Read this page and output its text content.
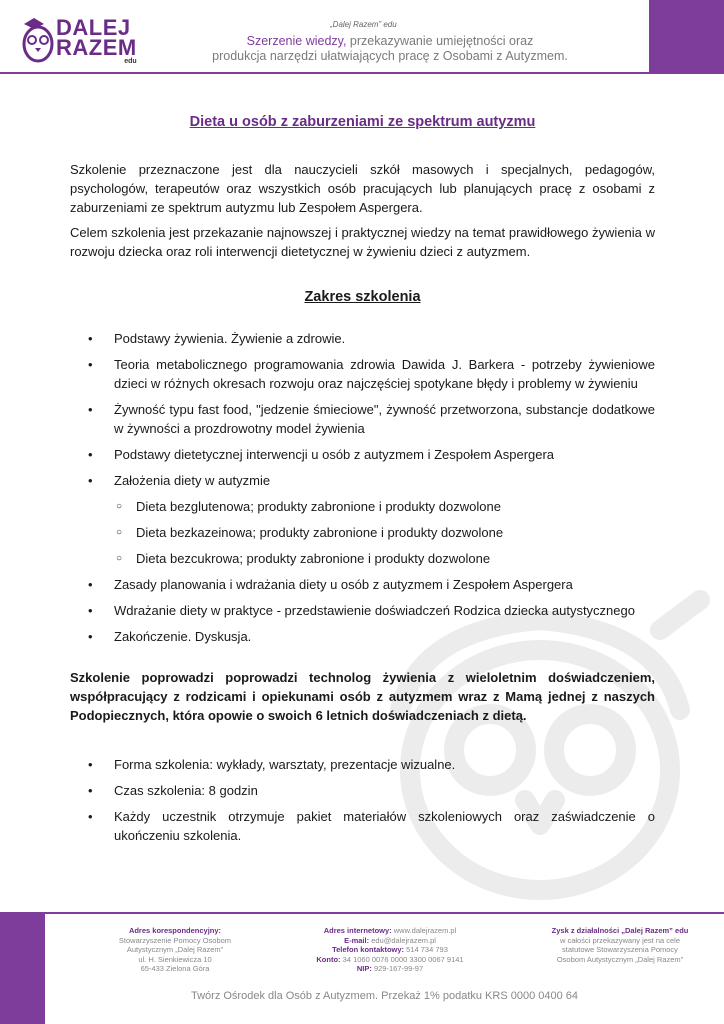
DALEJ
RAZEM
edu
„Dalej Razem” edu
Szerzenie wiedzy, przekazywanie umiejętności oraz
produkcja narzędzi ułatwiających pracę z Osobami z Autyzmem.
Dieta u osób z zaburzeniami ze spektrum autyzmu

Szkolenie przeznaczone jest dla nauczycieli szkół masowych i specjalnych, pedagogów, psychologów, terapeutów oraz wszystkich osób pracujących lub planujących pracę z osobami z zaburzeniami ze spektrum autyzmu lub Zespołem Aspergera.

Celem szkolenia jest przekazanie najnowszej i praktycznej wiedzy na temat prawidłowego żywienia w rozwoju dziecka oraz roli interwencji dietetycznej w żywieniu dzieci z autyzmem.

Zakres szkolenia
• Podstawy żywienia. Żywienie a zdrowie.
• Teoria metabolicznego programowania zdrowia Dawida J. Barkera - potrzeby żywieniowe dzieci w różnych okresach rozwoju oraz najczęściej spotykane błędy i problemy w żywieniu
• Żywność typu fast food, "jedzenie śmieciowe", żywność przetworzona, substancje dodatkowe w żywności a prozdrowotny model żywienia
• Podstawy dietetycznej interwencji u osób z autyzmem i Zespołem Aspergera
• Założenia diety w autyzmie
○ Dieta bezglutenowa; produkty zabronione i produkty dozwolone
○ Dieta bezkazeinowa; produkty zabronione i produkty dozwolone
○ Dieta bezcukrowa; produkty zabronione i produkty dozwolone
• Zasady planowania i wdrażania diety u osób z autyzmem i Zespołem Aspergera
• Wdrażanie diety w praktyce - przedstawienie doświadczeń Rodzica dziecka autystycznego
• Zakończenie. Dyskusja.

Szkolenie poprowadzi poprowadzi technolog żywienia z wieloletnim doświadczeniem, współpracujący z rodzicami i opiekunami osób z autyzmem wraz z Mamą jednej z naszych Podopiecznych, która opowie o swoich 6 letnich doświadczeniach z dietą.

• Forma szkolenia: wykłady, warsztaty, prezentacje wizualne.
• Czas szkolenia: 8 godzin
• Każdy uczestnik otrzymuje pakiet materiałów szkoleniowych oraz zaświadczenie o ukończeniu szkolenia.
Adres korespondencyjny:
Stowarzyszenie Pomocy Osobom
Autystycznym „Dalej Razem”
ul. H. Sienkiewicza 10
65-433 Zielona Góra
Adres internetowy: www.dalejrazem.pl
E-mail: edu@dalejrazem.pl
Telefon kontaktowy: 514 734 793
Konto: 34 1060 0076 0000 3300 0067 9141
NIP: 929-167-99-97
Zysk z działalności „Dalej Razem” edu
w całości przekazywany jest na cele
statutowe Stowarzyszenia Pomocy
Osobom Autystycznym „Dalej Razem”
Twórz Ośrodek dla Osób z Autyzmem. Przekaż 1% podatku KRS 0000 0400 64
